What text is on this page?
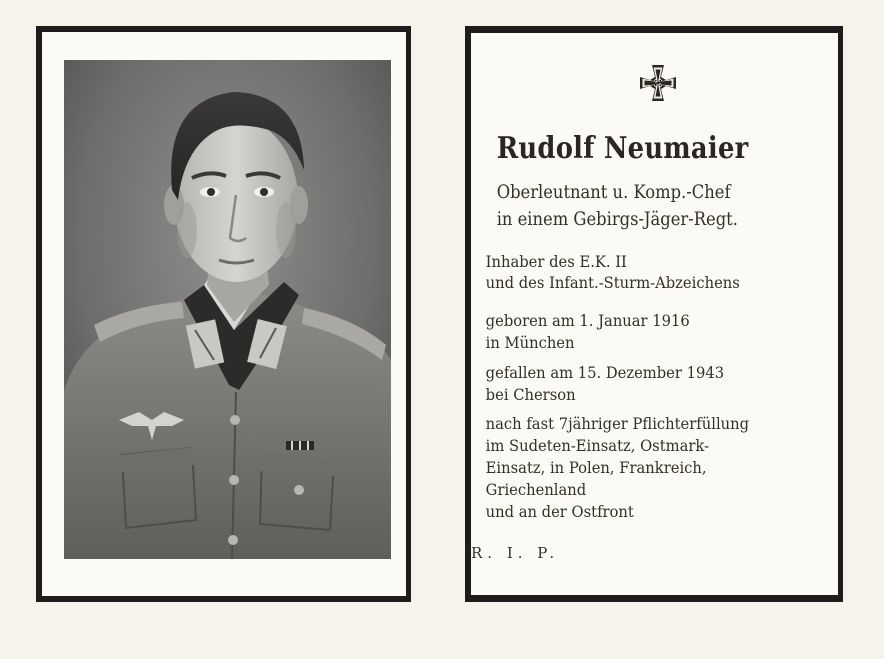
Rudolf Neumaier
Oberleutnant u. Komp.-Chef
in einem Gebirgs-Jäger-Regt.
Inhaber des E.K. II
und des Infant.-Sturm-Abzeichens
geboren am 1. Januar 1916
in München
gefallen am 15. Dezember 1943
bei Cherson
nach fast 7jähriger Pflichterfüllung
im Sudeten-Einsatz, Ostmark-
Einsatz, in Polen, Frankreich,
Griechenland
und an der Ostfront
R. I. P.
